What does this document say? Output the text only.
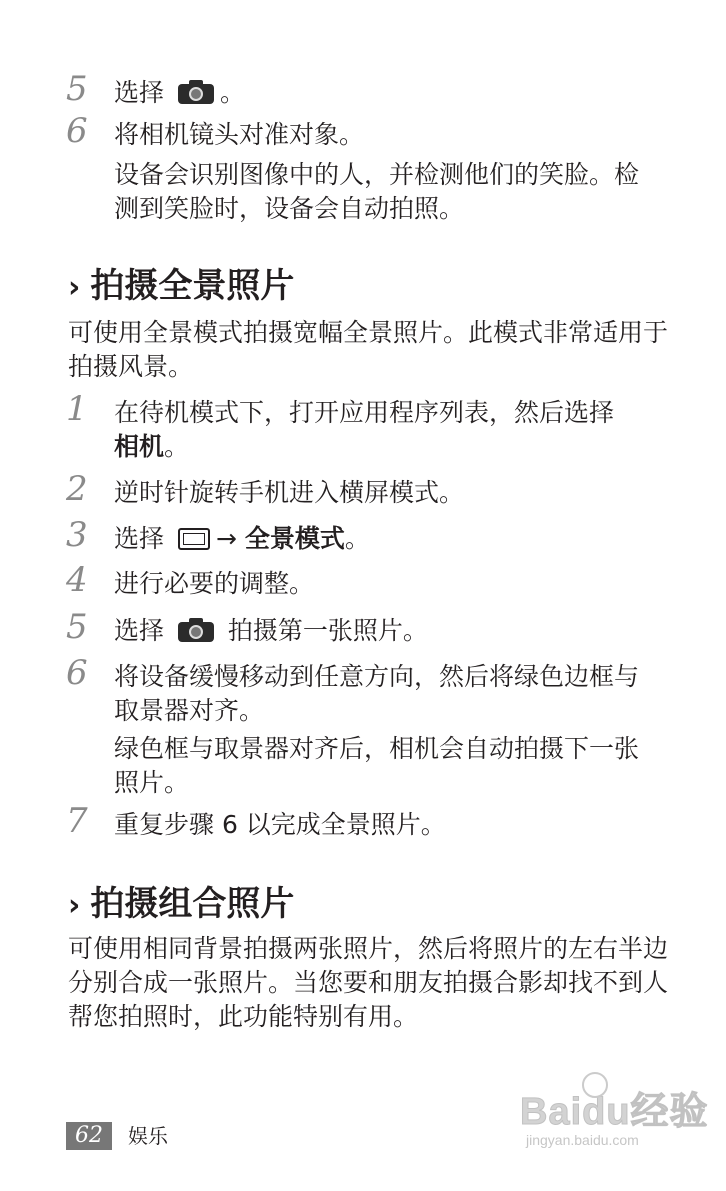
5	选择 。
6	将相机镜头对准对象。
设备会识别图像中的人，并检测他们的笑脸。检测到笑脸时，设备会自动拍照。
› 拍摄全景照片
可使用全景模式拍摄宽幅全景照片。此模式非常适用于拍摄风景。
1	在待机模式下，打开应用程序列表，然后选择相机。
2	逆时针旋转手机进入横屏模式。
3	选择 → 全景模式。
4	进行必要的调整。
5	选择	拍摄第一张照片。
6	将设备缓慢移动到任意方向，然后将绿色边框与取景器对齐。
绿色框与取景器对齐后，相机会自动拍摄下一张照片。
7	重复步骤 6 以完成全景照片。
› 拍摄组合照片
可使用相同背景拍摄两张照片，然后将照片的左右半边分别合成一张照片。当您要和朋友拍摄合影却找不到人帮您拍照时，此功能特别有用。
62	娱乐
Baidu经验
jingyan.baidu.com
